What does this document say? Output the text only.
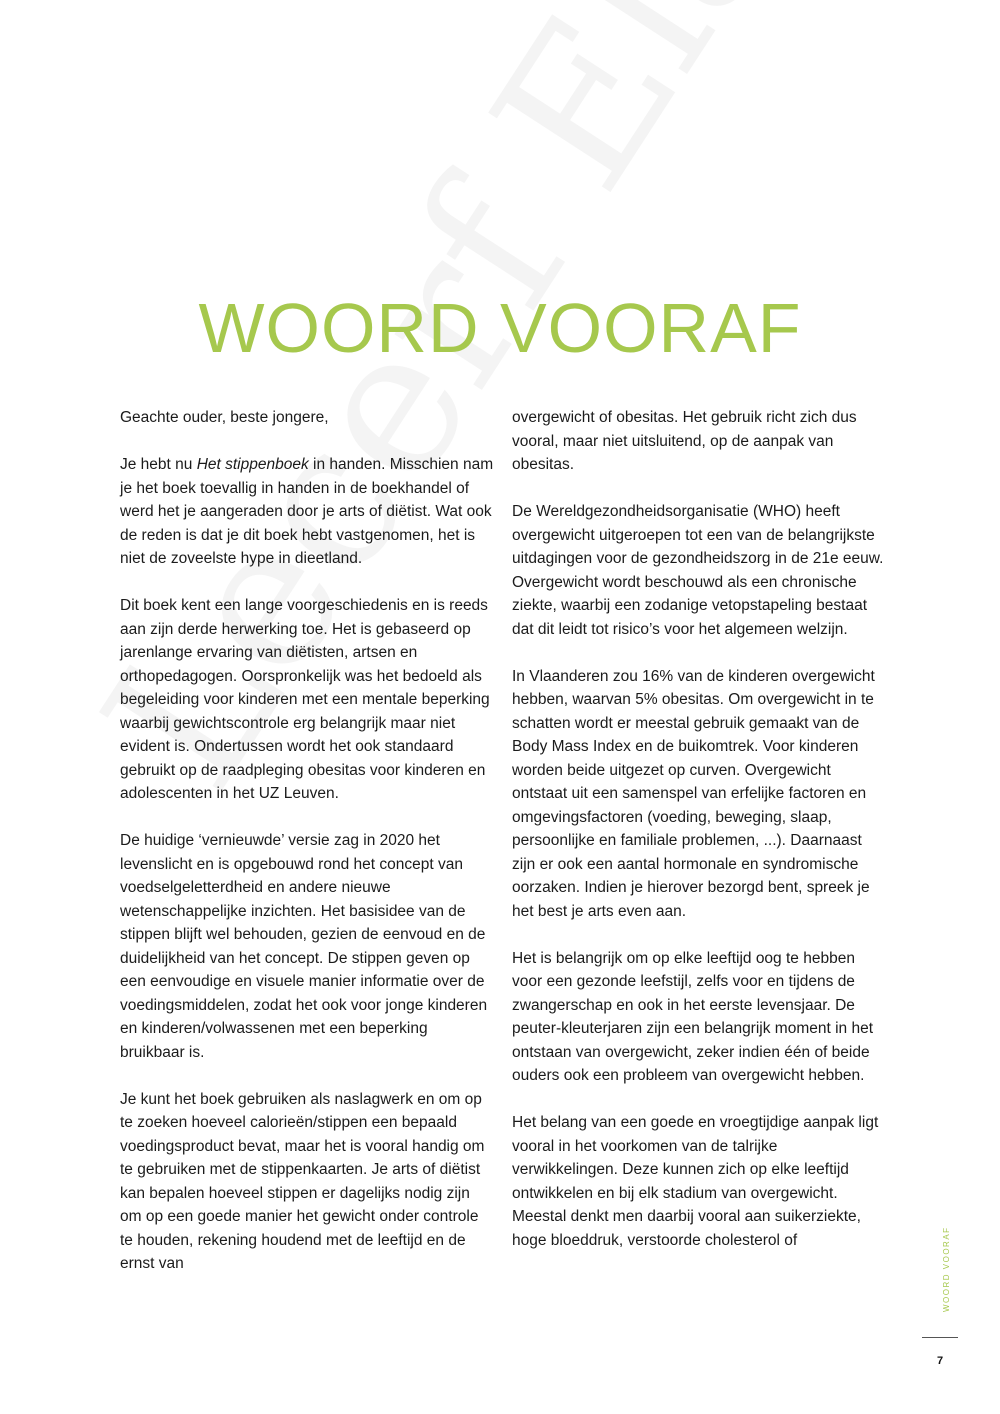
WOORD VOORAF

Geachte ouder, beste jongere,

Je hebt nu Het stippenboek in handen. Misschien nam je het boek toevallig in handen in de boekhandel of werd het je aangeraden door je arts of diëtist. Wat ook de reden is dat je dit boek hebt vastgenomen, het is niet de zoveelste hype in dieetland.

Dit boek kent een lange voorgeschiedenis en is reeds aan zijn derde herwerking toe. Het is gebaseerd op jarenlange ervaring van diëtisten, artsen en orthopedagogen. Oorspronkelijk was het bedoeld als begeleiding voor kinderen met een mentale beperking waarbij gewichtscontrole erg belangrijk maar niet evident is. Ondertussen wordt het ook standaard gebruikt op de raadpleging obesitas voor kinderen en adolescenten in het UZ Leuven.

De huidige ‘vernieuwde’ versie zag in 2020 het levenslicht en is opgebouwd rond het concept van voedselgeletterdheid en andere nieuwe wetenschappelijke inzichten. Het basisidee van de stippen blijft wel behouden, gezien de eenvoud en de duidelijkheid van het concept. De stippen geven op een eenvoudige en visuele manier informatie over de voedingsmiddelen, zodat het ook voor jonge kinderen en kinderen/volwassenen met een beperking bruikbaar is.

Je kunt het boek gebruiken als naslagwerk en om op te zoeken hoeveel calorieën/stippen een bepaald voedingsproduct bevat, maar het is vooral handig om te gebruiken met de stippenkaarten. Je arts of diëtist kan bepalen hoeveel stippen er dagelijks nodig zijn om op een goede manier het gewicht onder controle te houden, rekening houdend met de leeftijd en de ernst van

overgewicht of obesitas. Het gebruik richt zich dus vooral, maar niet uitsluitend, op de aanpak van obesitas.

De Wereldgezondheidsorganisatie (WHO) heeft overgewicht uitgeroepen tot een van de belangrijkste uitdagingen voor de gezondheidszorg in de 21e eeuw. Overgewicht wordt beschouwd als een chronische ziekte, waarbij een zodanige vetopstapeling bestaat dat dit leidt tot risico’s voor het algemeen welzijn.

In Vlaanderen zou 16% van de kinderen overgewicht hebben, waarvan 5% obesitas. Om overgewicht in te schatten wordt er meestal gebruik gemaakt van de Body Mass Index en de buikomtrek. Voor kinderen worden beide uitgezet op curven. Overgewicht ontstaat uit een samenspel van erfelijke factoren en omgevingsfactoren (voeding, beweging, slaap, persoonlijke en familiale problemen, ...). Daarnaast zijn er ook een aantal hormonale en syndromische oorzaken. Indien je hierover bezorgd bent, spreek je het best je arts even aan.

Het is belangrijk om op elke leeftijd oog te hebben voor een gezonde leefstijl, zelfs voor en tijdens de zwangerschap en ook in het eerste levensjaar. De peuter-kleuterjaren zijn een belangrijk moment in het ontstaan van overgewicht, zeker indien één of beide ouders ook een probleem van overgewicht hebben.

Het belang van een goede en vroegtijdige aanpak ligt vooral in het voorkomen van de talrijke verwikkelingen. Deze kunnen zich op elke leeftijd ontwikkelen en bij elk stadium van overgewicht. Meestal denkt men daarbij vooral aan suikerziekte, hoge bloeddruk, verstoorde cholesterol of	WOORD VOORAF
7
